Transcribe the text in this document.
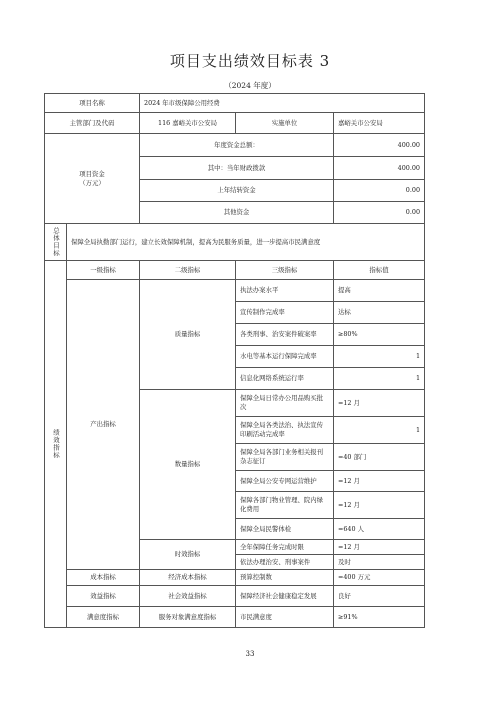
项目支出绩效目标表 3
（2024 年度）
项目名称		2024 年市级保障公用经费		
主管部门及代码		116 嘉峪关市公安局	实施单位	嘉峪关市公安局

项目资金
（万元）		年度资金总额：		400.00
		其中：当年财政拨款		400.00
		上年结转资金		0.00
		其他资金		0.00
总体目标	保障全局执勤部门运行，建立长效保障机制，提高为民服务质量，进一步提高市民满意度			
绩效指标	一级指标	二级指标	三级指标	指标值
	产出指标	质量指标	执法办案水平	提高
			宣传制作完成率	达标
			各类刑事、治安案件破案率	≥80%
			水电等基本运行保障完成率	1
			信息化网络系统运行率	1
		数量指标	保障全局日常办公用品购买批次	=12 月
			保障全局各类法治、执法宣传印刷活动完成率	1
			保障全局各部门业务相关报刊杂志征订	=40 部门
			保障全局公安专网运营维护	=12 月
			保障各部门物业管理、院内绿化费用	=12 月
			保障全局民警体检	=640 人
		时效指标	全年保障任务完成时限	=12 月
			依法办理治安、刑事案件	及时
	成本指标	经济成本指标	预算控制数	=400 万元
	效益指标	社会效益指标	保障经济社会健康稳定发展	良好
	满意度指标	服务对象满意度指标	市民满意度	≥91%
33
